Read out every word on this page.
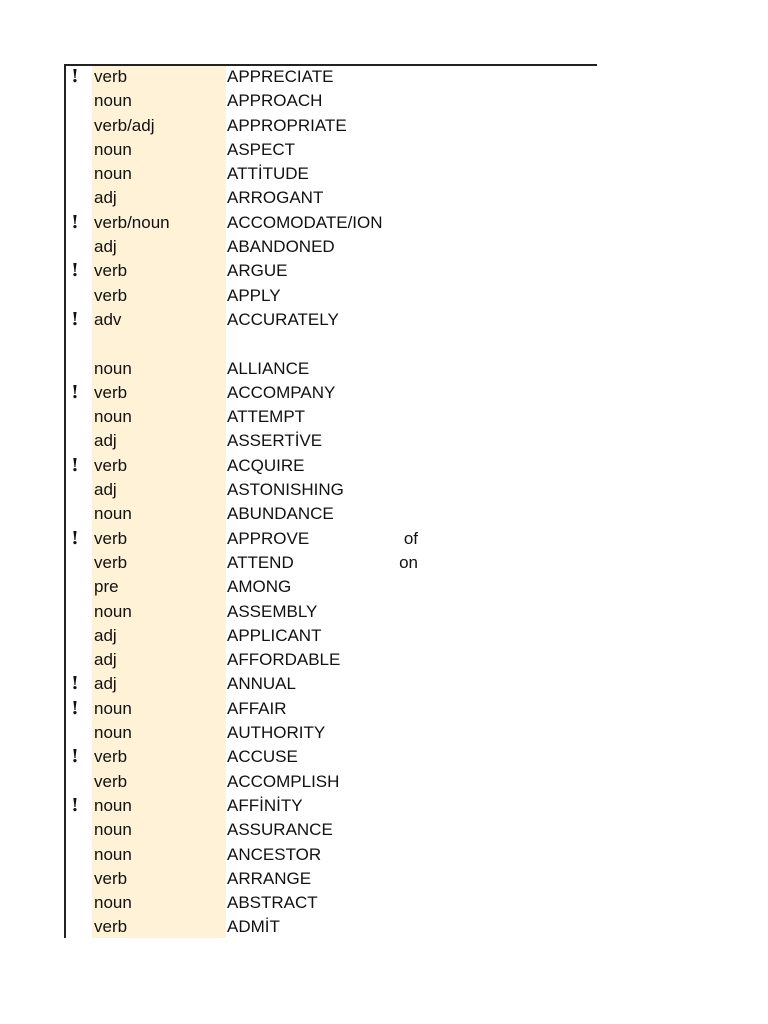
! verb	APPRECIATE
noun	APPROACH
verb/adj	APPROPRIATE
noun	ASPECT
noun	ATTİTUDE
adj	ARROGANT
! verb/noun	ACCOMODATE/ION
adj	ABANDONED
! verb	ARGUE
verb	APPLY
! adv	ACCURATELY
noun	ALLIANCE
! verb	ACCOMPANY
noun	ATTEMPT
adj	ASSERTİVE
! verb	ACQUIRE
adj	ASTONISHING
noun	ABUNDANCE
! verb	APPROVE	of
verb	ATTEND	on
pre	AMONG
noun	ASSEMBLY
adj	APPLICANT
adj	AFFORDABLE
! adj	ANNUAL
! noun	AFFAIR
noun	AUTHORITY
! verb	ACCUSE
verb	ACCOMPLISH
! noun	AFFİNİTY
noun	ASSURANCE
noun	ANCESTOR
verb	ARRANGE
noun	ABSTRACT
verb	ADMİT
